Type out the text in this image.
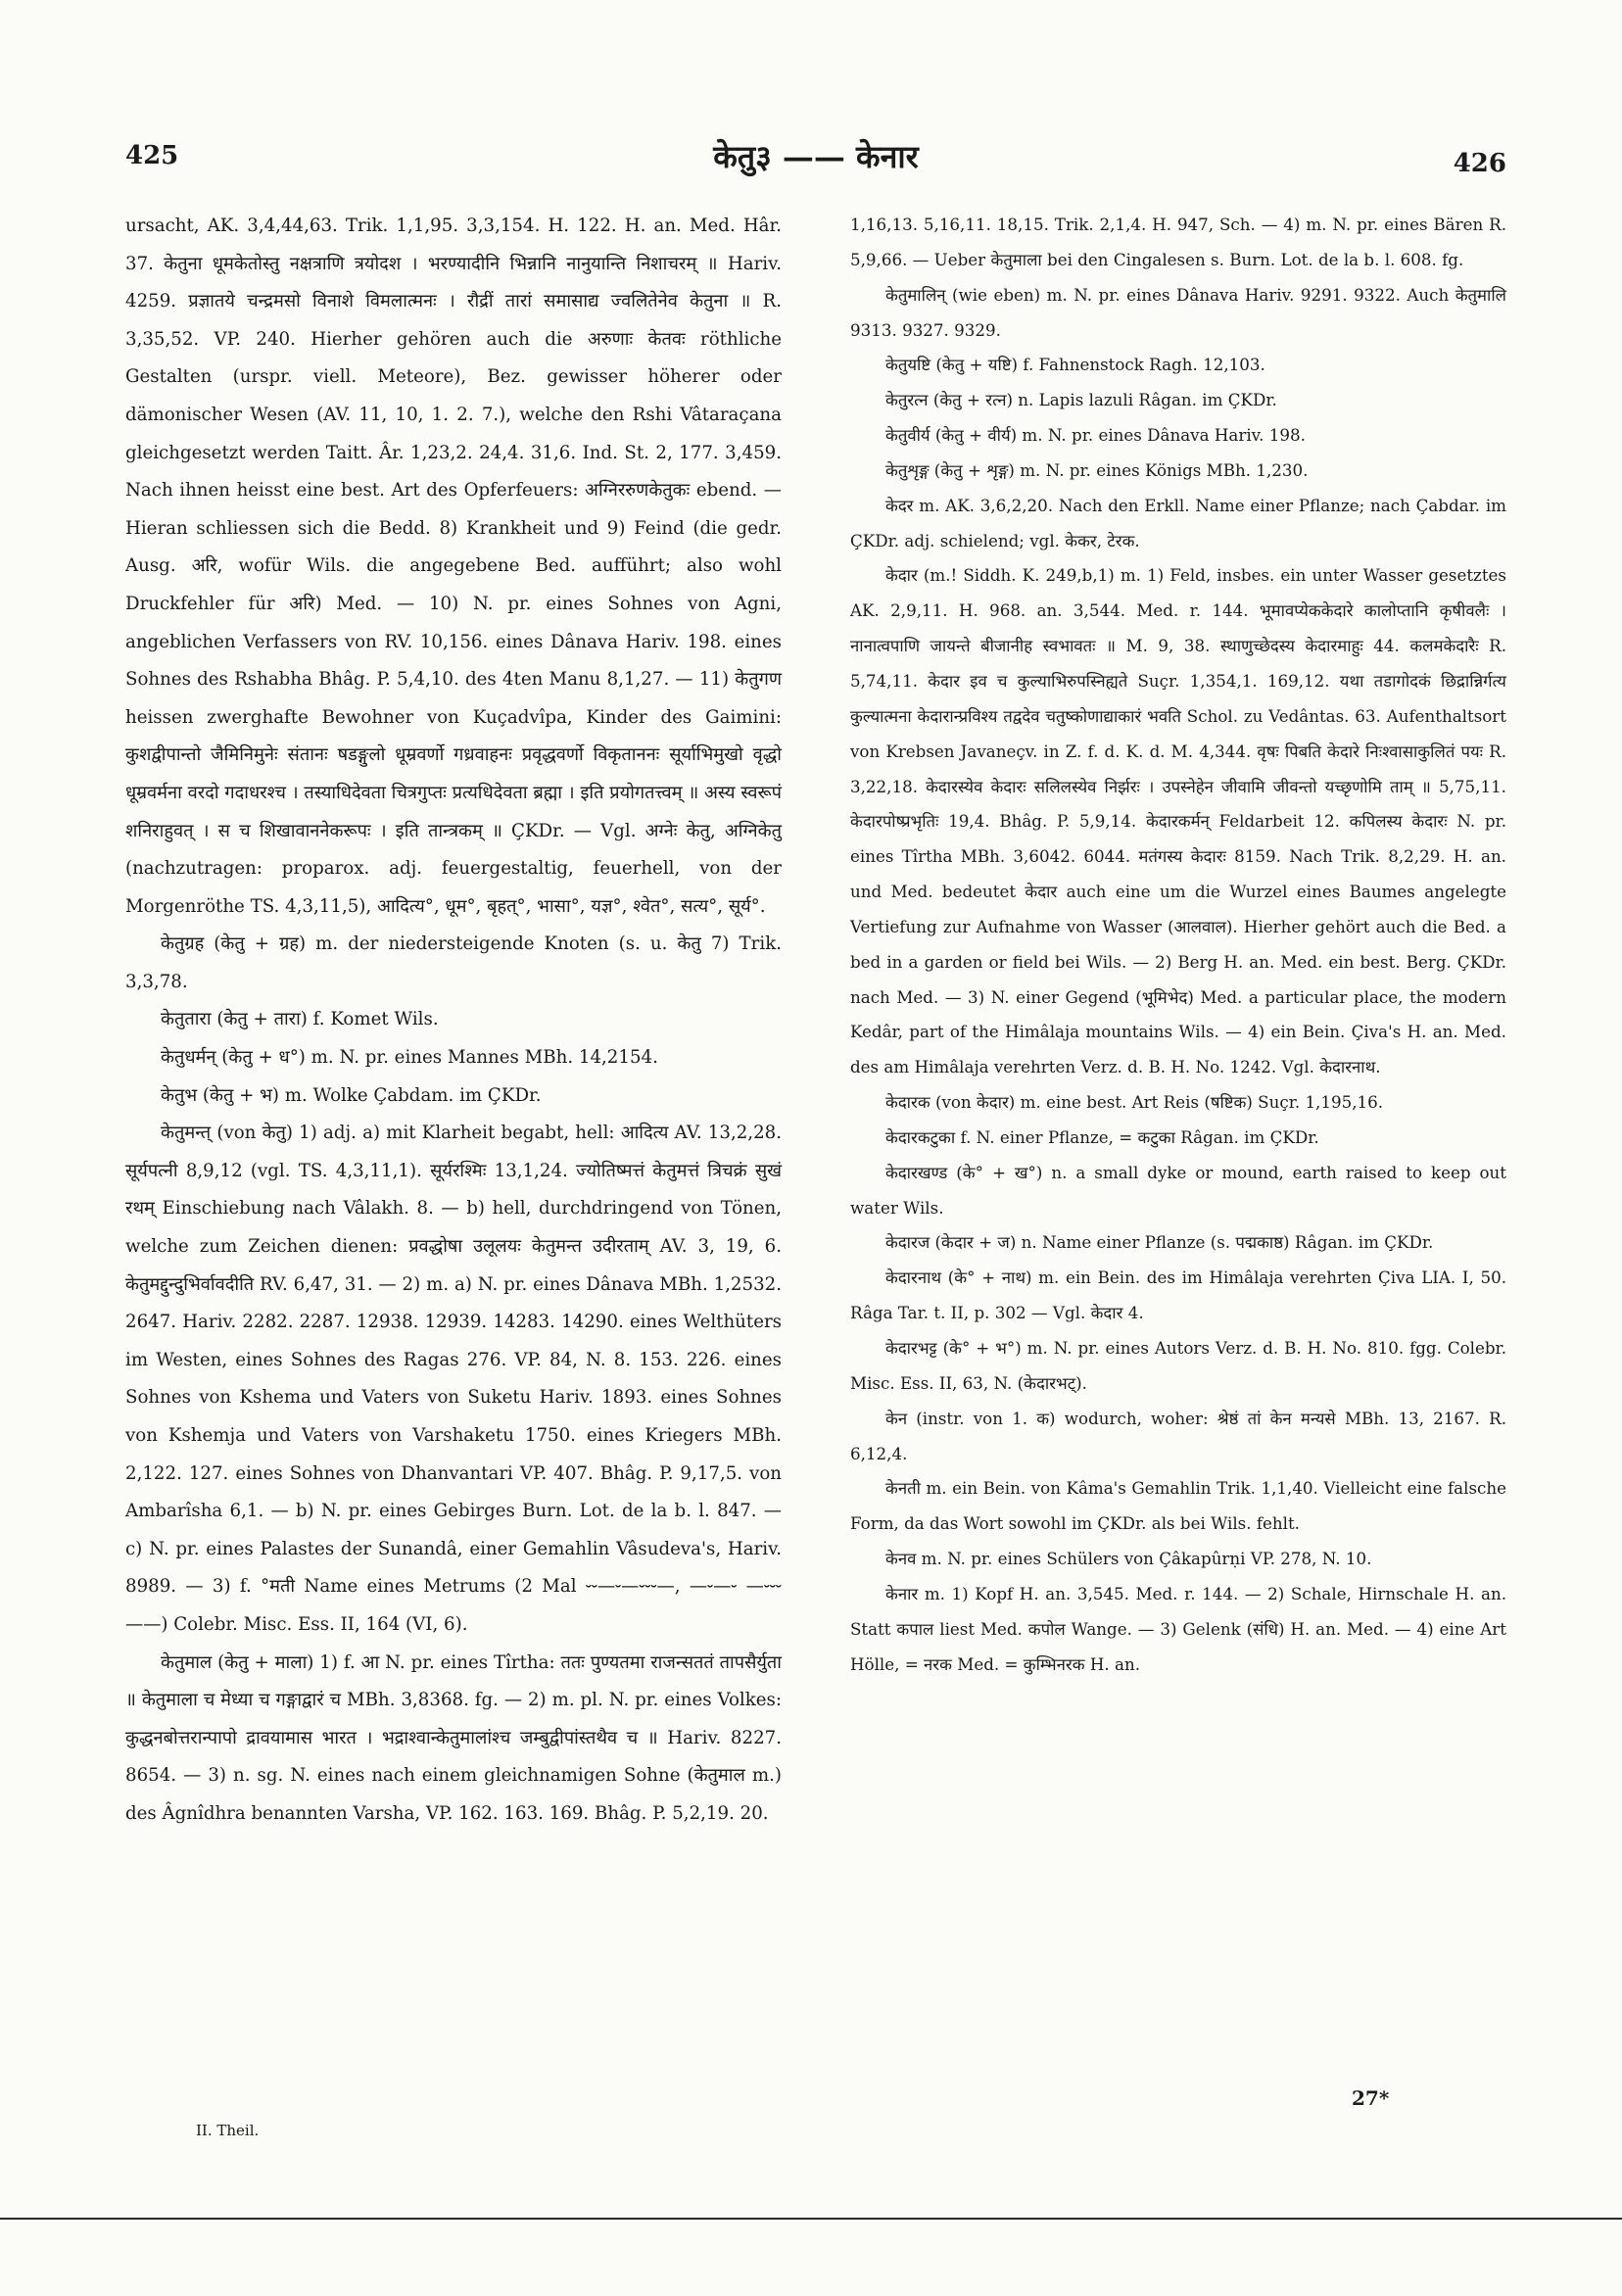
425	केतु३ —— केनार	426

ursacht, AK. 3,4,44,63. Trik. 1,1,95. 3,3,154. H. 122. H. an. Med. Hâr. 37. केतुना धूमकेतोस्तु नक्षत्राणि त्रयोदश । भरण्यादीनि भिन्नानि नानुयान्ति निशाचरम् ॥ Hariv. 4259. प्रज्ञातये चन्द्रमसो विनाशे विमलात्मनः । रौद्रीं तारां समासाद्य ज्वलितेनेव केतुना ॥ R. 3,35,52. VP. 240. Hierher gehören auch die अरुणाः केतवः röthliche Gestalten (urspr. viell. Meteore), Bez. gewisser höherer oder dämonischer Wesen (AV. 11, 10, 1. 2. 7.), welche den Rshi Vâtaraçana gleichgesetzt werden Taitt. Âr. 1,23,2. 24,4. 31,6. Ind. St. 2, 177. 3,459. Nach ihnen heisst eine best. Art des Opferfeuers: अग्निररुणकेतुकः ebend. — Hieran schliessen sich die Bedd. 8) Krankheit und 9) Feind (die gedr. Ausg. अरि, wofür Wils. die angegebene Bed. aufführt; also wohl Druckfehler für अरि) Med. — 10) N. pr. eines Sohnes von Agni, angeblichen Verfassers von RV. 10,156. eines Dânava Hariv. 198. eines Sohnes des Rshabha Bhâg. P. 5,4,10. des 4ten Manu 8,1,27. — 11) केतुगण heissen zwerghafte Bewohner von Kuçadvîpa, Kinder des Gaimini: कुशद्वीपान्तो जैमिनिमुनेः संतानः षडङ्गुलो धूम्रवर्णो गध्रवाहनः प्रवृद्धवर्णो विकृताननः सूर्याभिमुखो वृद्धो धूम्रवर्मना वरदो गदाधरश्च । तस्याधिदेवता चित्रगुप्तः प्रत्यधिदेवता ब्रह्मा । इति प्रयोगतत्त्वम् ॥ अस्य स्वरूपं शनिराहुवत् । स च शिखावाननेकरूपः । इति तान्त्रकम् ॥ ÇKDr. — Vgl. अग्नेः केतु, अग्निकेतु (nachzutragen: proparox. adj. feuergestaltig, feuerhell, von der Morgenröthe TS. 4,3,11,5), आदित्य°, धूम°, बृहत्°, भासा°, यज्ञ°, श्वेत°, सत्य°, सूर्य°.

केतुग्रह (केतु + ग्रह) m. der niedersteigende Knoten (s. u. केतु 7) Trik. 3,3,78.

केतुतारा (केतु + तारा) f. Komet Wils.

केतुधर्मन् (केतु + ध°) m. N. pr. eines Mannes MBh. 14,2154.

केतुभ (केतु + भ) m. Wolke Çabdam. im ÇKDr.

केतुमन्त् (von केतु) 1) adj. a) mit Klarheit begabt, hell: आदित्य AV. 13,2,28. सूर्यपत्नी 8,9,12 (vgl. TS. 4,3,11,1). सूर्यरश्मिः 13,1,24. ज्योतिष्मत्तं केतुमत्तं त्रिचक्रं सुखं रथम् Einschiebung nach Vâlakh. 8. — b) hell, durchdringend von Tönen, welche zum Zeichen dienen: प्रवद्धोषा उलूलयः केतुमन्त उदीरताम् AV. 3, 19, 6. केतुमद्दुन्दुभिर्वावदीति RV. 6,47, 31. — 2) m. a) N. pr. eines Dânava MBh. 1,2532. 2647. Hariv. 2282. 2287. 12938. 12939. 14283. 14290. eines Welthüters im Westen, eines Sohnes des Ragas 276. VP. 84, N. 8. 153. 226. eines Sohnes von Kshema und Vaters von Suketu Hariv. 1893. eines Sohnes von Kshemja und Vaters von Varshaketu 1750. eines Kriegers MBh. 2,122. 127. eines Sohnes von Dhanvantari VP. 407. Bhâg. P. 9,17,5. von Ambarîsha 6,1. — b) N. pr. eines Gebirges Burn. Lot. de la b. l. 847. — c) N. pr. eines Palastes der Sunandâ, einer Gemahlin Vâsudeva's, Hariv. 8989. — 3) f. °मती Name eines Metrums (2 Mal ⏑⏑—⏑—⏑⏑⏑—, —⏑—⏑ —⏑⏑⏑——) Colebr. Misc. Ess. II, 164 (VI, 6).

केतुमाल (केतु + माला) 1) f. आ N. pr. eines Tîrtha: ततः पुण्यतमा राजन्सततं तापसैर्युता ॥ केतुमाला च मेध्या च गङ्गाद्वारं च MBh. 3,8368. fg. — 2) m. pl. N. pr. eines Volkes: कुद्धनबोत्तरान्पापो द्रावयामास भारत । भद्राश्वान्केतुमालांश्च जम्बुद्वीपांस्तथैव च ॥ Hariv. 8227. 8654. — 3) n. sg. N. eines nach einem gleichnamigen Sohne (केतुमाल m.) des Âgnîdhra benannten Varsha, VP. 162. 163. 169. Bhâg. P. 5,2,19. 20.

1,16,13. 5,16,11. 18,15. Trik. 2,1,4. H. 947, Sch. — 4) m. N. pr. eines Bären R. 5,9,66. — Ueber केतुमाला bei den Cingalesen s. Burn. Lot. de la b. l. 608. fg.

केतुमालिन् (wie eben) m. N. pr. eines Dânava Hariv. 9291. 9322. Auch केतुमालि 9313. 9327. 9329.

केतुयष्टि (केतु + यष्टि) f. Fahnenstock Ragh. 12,103.

केतुरत्न (केतु + रत्न) n. Lapis lazuli Râgan. im ÇKDr.

केतुवीर्य (केतु + वीर्य) m. N. pr. eines Dânava Hariv. 198.

केतुशृङ्ग (केतु + शृङ्ग) m. N. pr. eines Königs MBh. 1,230.

केदर m. AK. 3,6,2,20. Nach den Erkll. Name einer Pflanze; nach Çabdar. im ÇKDr. adj. schielend; vgl. केकर, टेरक.

केदार (m.! Siddh. K. 249,b,1) m. 1) Feld, insbes. ein unter Wasser gesetztes AK. 2,9,11. H. 968. an. 3,544. Med. r. 144. भूमावप्येककेदारे कालोप्तानि कृषीवलैः । नानात्वपाणि जायन्ते बीजानीह स्वभावतः ॥ M. 9, 38. स्थाणुच्छेदस्य केदारमाहुः 44. कलमकेदारैः R. 5,74,11. केदार इव च कुल्याभिरुपस्निह्यते Suçr. 1,354,1. 169,12. यथा तडागोदकं छिद्रान्निर्गत्य कुल्यात्मना केदारान्प्रविश्य तद्वदेव चतुष्कोणाद्याकारं भवति Schol. zu Vedântas. 63. Aufenthaltsort von Krebsen Javaneçv. in Z. f. d. K. d. M. 4,344. वृषः पिबति केदारे निःश्वासाकुलितं पयः R. 3,22,18. केदारस्येव केदारः सलिलस्येव निर्झरः । उपस्नेहेन जीवामि जीवन्तो यच्छृणोमि ताम् ॥ 5,75,11. केदारपोष्प्रभृतिः 19,4. Bhâg. P. 5,9,14. केदारकर्मन् Feldarbeit 12. कपिलस्य केदारः N. pr. eines Tîrtha MBh. 3,6042. 6044. मतंगस्य केदारः 8159. Nach Trik. 8,2,29. H. an. und Med. bedeutet केदार auch eine um die Wurzel eines Baumes angelegte Vertiefung zur Aufnahme von Wasser (आलवाल). Hierher gehört auch die Bed. a bed in a garden or field bei Wils. — 2) Berg H. an. Med. ein best. Berg. ÇKDr. nach Med. — 3) N. einer Gegend (भूमिभेद) Med. a particular place, the modern Kedâr, part of the Himâlaja mountains Wils. — 4) ein Bein. Çiva's H. an. Med. des am Himâlaja verehrten Verz. d. B. H. No. 1242. Vgl. केदारनाथ.

केदारक (von केदार) m. eine best. Art Reis (षष्टिक) Suçr. 1,195,16.

केदारकटुका f. N. einer Pflanze, = कटुका Râgan. im ÇKDr.

केदारखण्ड (के° + ख°) n. a small dyke or mound, earth raised to keep out water Wils.

केदारज (केदार + ज) n. Name einer Pflanze (s. पद्मकाष्ठ) Râgan. im ÇKDr.

केदारनाथ (के° + नाथ) m. ein Bein. des im Himâlaja verehrten Çiva LIA. I, 50. Râga Tar. t. II, p. 302 — Vgl. केदार 4.

केदारभट्ट (के° + भ°) m. N. pr. eines Autors Verz. d. B. H. No. 810. fgg. Colebr. Misc. Ess. II, 63, N. (केदारभट्).

केन (instr. von 1. क) wodurch, woher: श्रेष्ठं तां केन मन्यसे MBh. 13, 2167. R. 6,12,4.

केनती m. ein Bein. von Kâma's Gemahlin Trik. 1,1,40. Vielleicht eine falsche Form, da das Wort sowohl im ÇKDr. als bei Wils. fehlt.

केनव m. N. pr. eines Schülers von Çâkapûrṇi VP. 278, N. 10.

केनार m. 1) Kopf H. an. 3,545. Med. r. 144. — 2) Schale, Hirnschale H. an. Statt कपाल liest Med. कपोल Wange. — 3) Gelenk (संधि) H. an. Med. — 4) eine Art Hölle, = नरक Med. = कुम्भिनरक H. an.

II. Theil.
27*
